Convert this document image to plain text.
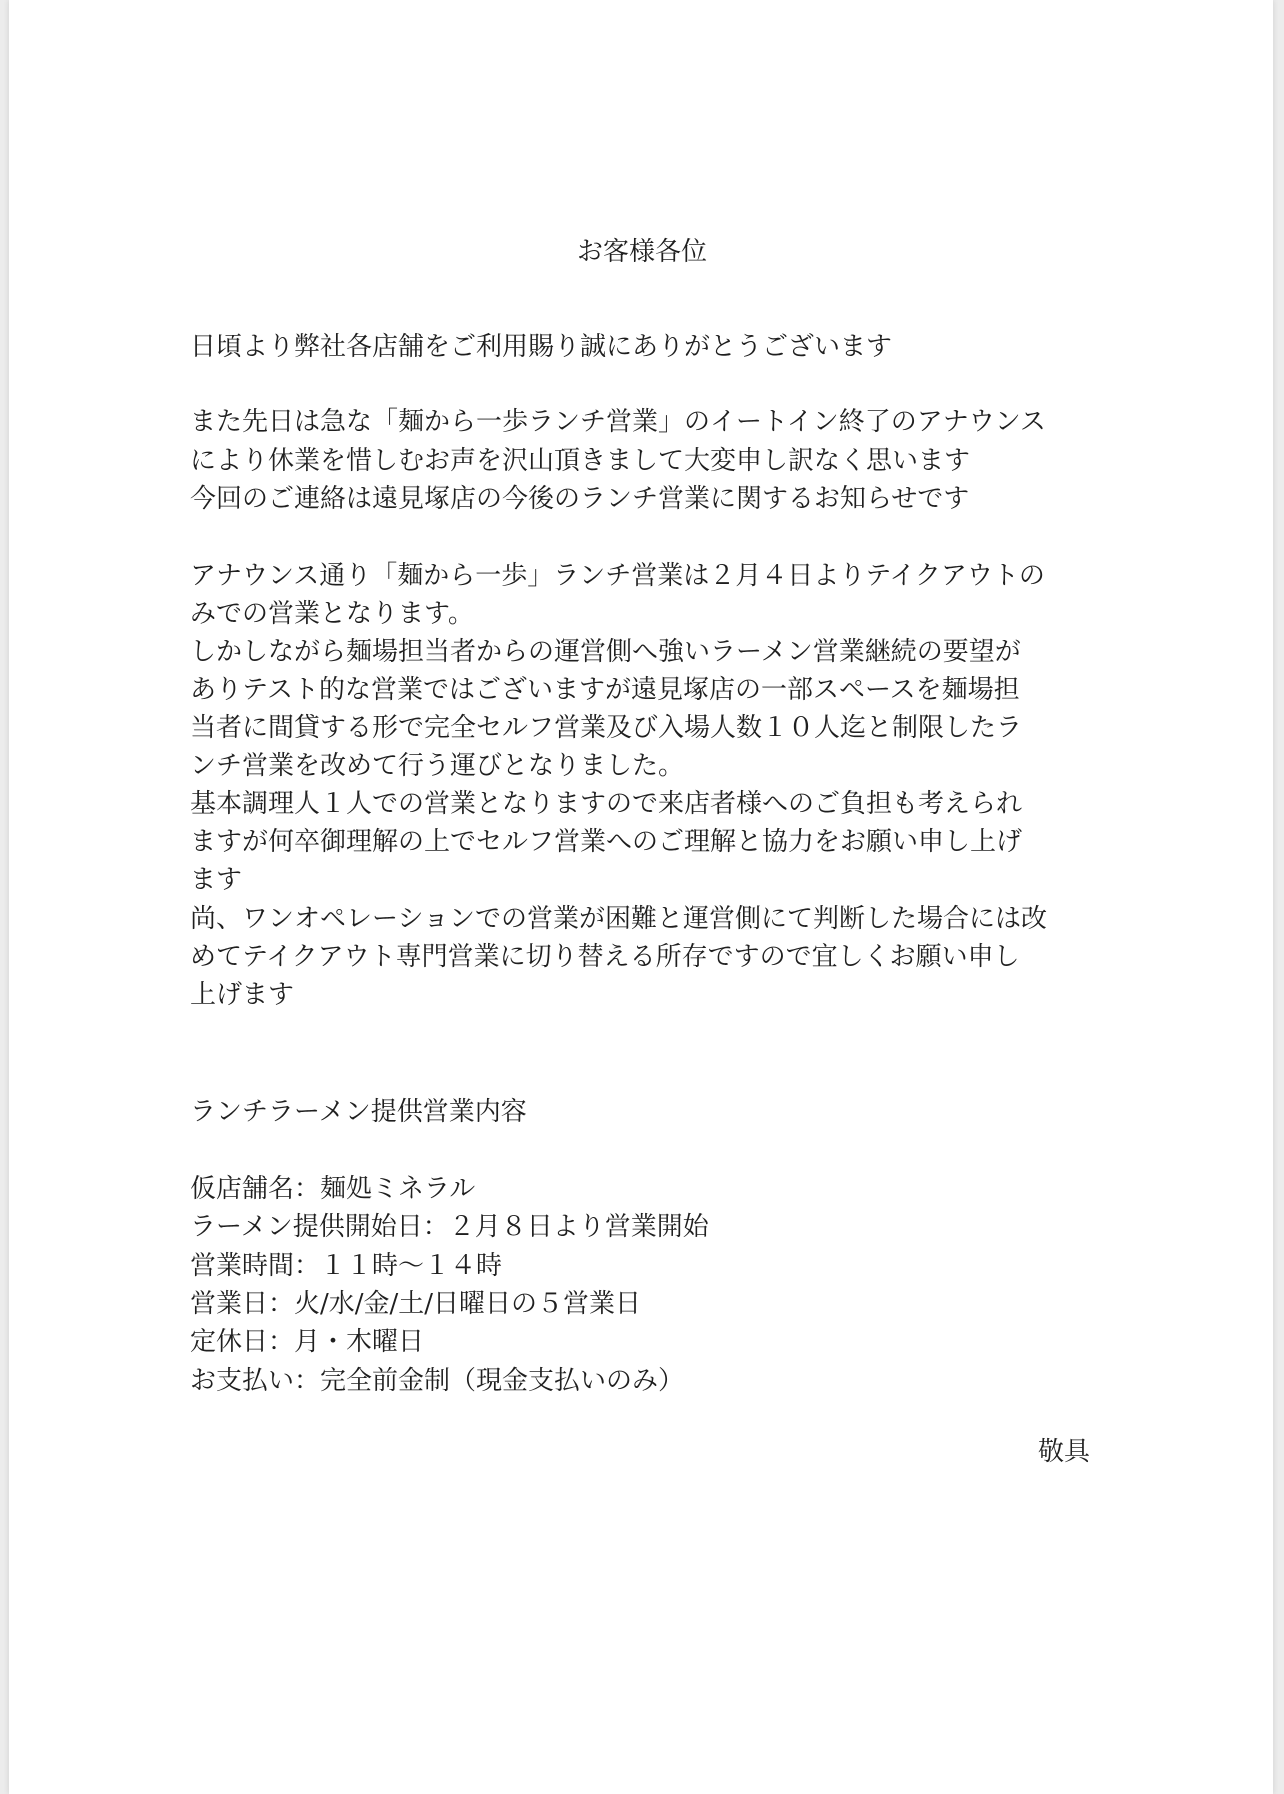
お客様各位
日頃より弊社各店舗をご利用賜り誠にありがとうございます
また先日は急な「麺から一歩ランチ営業」のイートイン終了のアナウンス
により休業を惜しむお声を沢山頂きまして大変申し訳なく思います
今回のご連絡は遠見塚店の今後のランチ営業に関するお知らせです
アナウンス通り「麺から一歩」ランチ営業は２月４日よりテイクアウトの
みでの営業となります。
しかしながら麺場担当者からの運営側へ強いラーメン営業継続の要望が
ありテスト的な営業ではございますが遠見塚店の一部スペースを麺場担
当者に間貸する形で完全セルフ営業及び入場人数１０人迄と制限したラ
ンチ営業を改めて行う運びとなりました。
基本調理人１人での営業となりますので来店者様へのご負担も考えられ
ますが何卒御理解の上でセルフ営業へのご理解と協力をお願い申し上げ
ます
尚、ワンオペレーションでの営業が困難と運営側にて判断した場合には改
めてテイクアウト専門営業に切り替える所存ですので宜しくお願い申し
上げます
ランチラーメン提供営業内容
仮店舗名：麺処ミネラル
ラーメン提供開始日：２月８日より営業開始
営業時間：１１時〜１４時
営業日：火/水/金/土/日曜日の５営業日
定休日：月・木曜日
お支払い：完全前金制（現金支払いのみ）
敬具
